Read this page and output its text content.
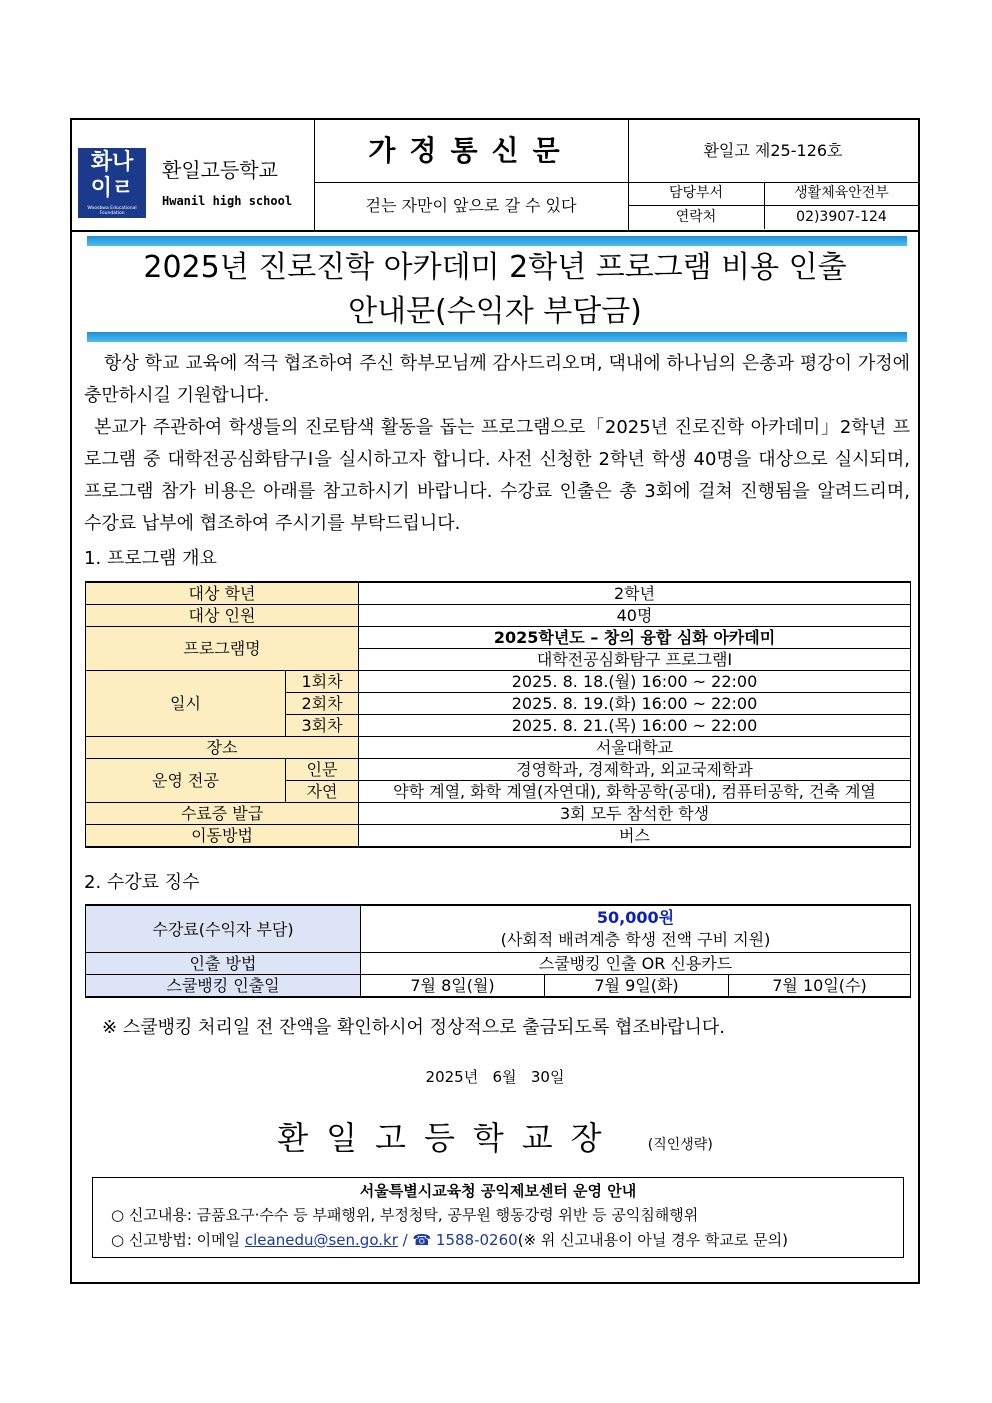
화나
이ㄹ
Woosbwa Educational Foundation
환일고등학교
Hwanil high school
가정통신문
걷는 자만이 앞으로 갈 수 있다
환일고 제25-126호
담당부서	생활체육안전부
연락처	02)3907-124
2025년 진로진학 아카데미 2학년 프로그램 비용 인출
안내문(수익자 부담금)
항상 학교 교육에 적극 협조하여 주신 학부모님께 감사드리오며, 댁내에 하나님의 은총과 평강이 가정에 충만하시길 기원합니다.
본교가 주관하여 학생들의 진로탐색 활동을 돕는 프로그램으로「2025년 진로진학 아카데미」2학년 프로그램 중 대학전공심화탐구Ⅰ을 실시하고자 합니다. 사전 신청한 2학년 학생 40명을 대상으로 실시되며, 프로그램 참가 비용은 아래를 참고하시기 바랍니다. 수강료 인출은 총 3회에 걸쳐 진행됨을 알려드리며, 수강료 납부에 협조하여 주시기를 부탁드립니다.
1. 프로그램 개요
대상 학년		2학년
대상 인원		40명
프로그램명		2025학년도 – 창의 융합 심화 아카데미
		대학전공심화탐구 프로그램Ⅰ
일시	1회차	2025. 8. 18.(월) 16:00 ~ 22:00
	2회차	2025. 8. 19.(화) 16:00 ~ 22:00
	3회차	2025. 8. 21.(목) 16:00 ~ 22:00
장소		서울대학교
운영 전공	인문	경영학과, 경제학과, 외교국제학과
	자연	약학 계열, 화학 계열(자연대), 화학공학(공대), 컴퓨터공학, 건축 계열
수료증 발급		3회 모두 참석한 학생
이동방법		버스
2. 수강료 징수
수강료(수익자 부담)	50,000원
(사회적 배려계층 학생 전액 구비 지원)		

인출 방법	스쿨뱅킹 인출 OR 신용카드		
스쿨뱅킹 인출일	7월 8일(월)	7월 9일(화)	7월 10일(수)
※ 스쿨뱅킹 처리일 전 잔액을 확인하시어 정상적으로 출금되도록 협조바랍니다.
2025년   6월   30일
환일고등학교장 (직인생략)
서울특별시교육청 공익제보센터 운영 안내
○ 신고내용: 금품요구·수수 등 부패행위, 부정청탁, 공무원 행동강령 위반 등 공익침해행위
○ 신고방법: 이메일 cleanedu@sen.go.kr / ☎ 1588-0260(※ 위 신고내용이 아닐 경우 학교로 문의)
